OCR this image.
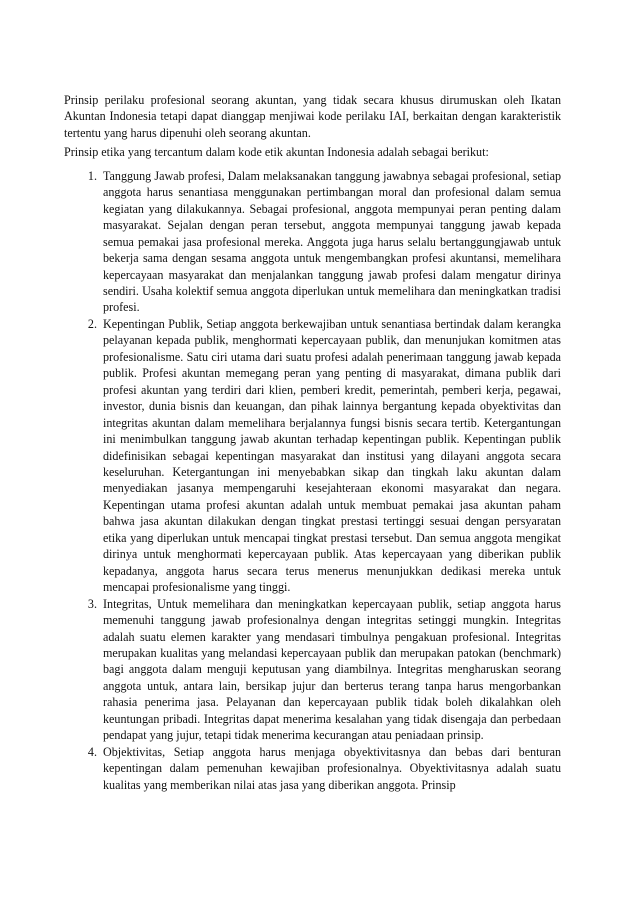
Prinsip perilaku profesional seorang akuntan, yang tidak secara khusus dirumuskan oleh Ikatan Akuntan Indonesia tetapi dapat dianggap menjiwai kode perilaku IAI, berkaitan dengan karakteristik tertentu yang harus dipenuhi oleh seorang akuntan.

Prinsip etika yang tercantum dalam kode etik akuntan Indonesia adalah sebagai berikut:

1. Tanggung Jawab profesi, Dalam melaksanakan tanggung jawabnya sebagai profesional, setiap anggota harus senantiasa menggunakan pertimbangan moral dan profesional dalam semua kegiatan yang dilakukannya. Sebagai profesional, anggota mempunyai peran penting dalam masyarakat. Sejalan dengan peran tersebut, anggota mempunyai tanggung jawab kepada semua pemakai jasa profesional mereka. Anggota juga harus selalu bertanggungjawab untuk bekerja sama dengan sesama anggota untuk mengembangkan profesi akuntansi, memelihara kepercayaan masyarakat dan menjalankan tanggung jawab profesi dalam mengatur dirinya sendiri. Usaha kolektif semua anggota diperlukan untuk memelihara dan meningkatkan tradisi profesi.
2. Kepentingan Publik, Setiap anggota berkewajiban untuk senantiasa bertindak dalam kerangka pelayanan kepada publik, menghormati kepercayaan publik, dan menunjukan komitmen atas profesionalisme. Satu ciri utama dari suatu profesi adalah penerimaan tanggung jawab kepada publik. Profesi akuntan memegang peran yang penting di masyarakat, dimana publik dari profesi akuntan yang terdiri dari klien, pemberi kredit, pemerintah, pemberi kerja, pegawai, investor, dunia bisnis dan keuangan, dan pihak lainnya bergantung kepada obyektivitas dan integritas akuntan dalam memelihara berjalannya fungsi bisnis secara tertib. Ketergantungan ini menimbulkan tanggung jawab akuntan terhadap kepentingan publik. Kepentingan publik didefinisikan sebagai kepentingan masyarakat dan institusi yang dilayani anggota secara keseluruhan. Ketergantungan ini menyebabkan sikap dan tingkah laku akuntan dalam menyediakan jasanya mempengaruhi kesejahteraan ekonomi masyarakat dan negara. Kepentingan utama profesi akuntan adalah untuk membuat pemakai jasa akuntan paham bahwa jasa akuntan dilakukan dengan tingkat prestasi tertinggi sesuai dengan persyaratan etika yang diperlukan untuk mencapai tingkat prestasi tersebut. Dan semua anggota mengikat dirinya untuk menghormati kepercayaan publik. Atas kepercayaan yang diberikan publik kepadanya, anggota harus secara terus menerus menunjukkan dedikasi mereka untuk mencapai profesionalisme yang tinggi.
3. Integritas, Untuk memelihara dan meningkatkan kepercayaan publik, setiap anggota harus memenuhi tanggung jawab profesionalnya dengan integritas setinggi mungkin. Integritas adalah suatu elemen karakter yang mendasari timbulnya pengakuan profesional. Integritas merupakan kualitas yang melandasi kepercayaan publik dan merupakan patokan (benchmark) bagi anggota dalam menguji keputusan yang diambilnya. Integritas mengharuskan seorang anggota untuk, antara lain, bersikap jujur dan berterus terang tanpa harus mengorbankan rahasia penerima jasa. Pelayanan dan kepercayaan publik tidak boleh dikalahkan oleh keuntungan pribadi. Integritas dapat menerima kesalahan yang tidak disengaja dan perbedaan pendapat yang jujur, tetapi tidak menerima kecurangan atau peniadaan prinsip.
4. Objektivitas, Setiap anggota harus menjaga obyektivitasnya dan bebas dari benturan kepentingan dalam pemenuhan kewajiban profesionalnya. Obyektivitasnya adalah suatu kualitas yang memberikan nilai atas jasa yang diberikan anggota. Prinsip
